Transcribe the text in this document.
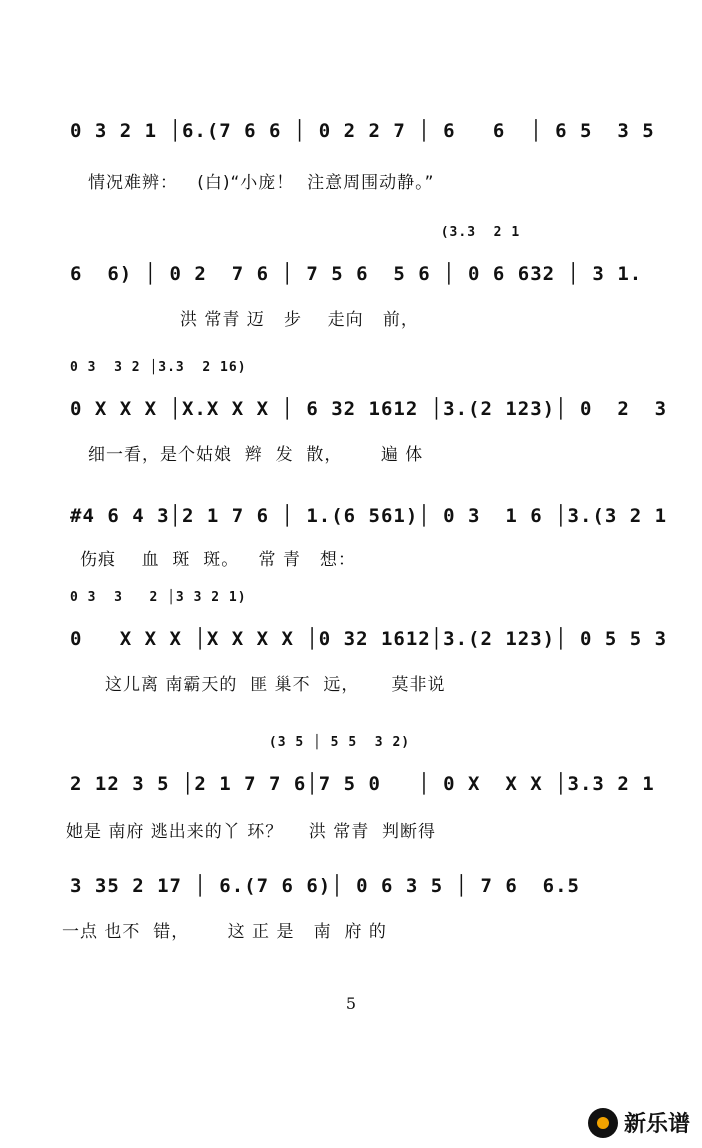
0 3 2 1 │6.(7 6 6 │ 0 2 2 7 │ 6   6  │ 6 5  3 5
情况难辨：   (白)“小庞！  注意周围动静。”
(3.3  2 1
6  6) │ 0 2  7 6 │ 7 5 6  5 6 │ 0 6 632 │ 3 1.
洪 常青 迈   步    走向   前，
0 3  3 2 │3.3  2 16)
0 X X X │X.X X X │ 6 32 1612 │3.(2 123)│ 0  2  3
细一看，是个姑娘  辫  发  散，      遍 体
#4 6 4 3│2 1 7 6 │ 1.(6 561)│ 0 3  1 6 │3.(3 2 1
伤痕    血  斑  斑。   常 青   想：
0 3  3   2 │3 3 2 1)
0   X X X │X X X X │0 32 1612│3.(2 123)│ 0 5 5 3
这儿离 南霸天的  匪 巢不  远，     莫非说
(3 5 │ 5 5  3 2)
2 12 3 5 │2 1 7 7 6│7 5 0   │ 0 X  X X │3.3 2 1
她是 南府 逃出来的丫 环？    洪 常青  判断得
3 35 2 17 │ 6.(7 6 6)│ 0 6 3 5 │ 7 6  6.5
一点 也不  错，      这 正 是   南  府 的
5
新乐谱
